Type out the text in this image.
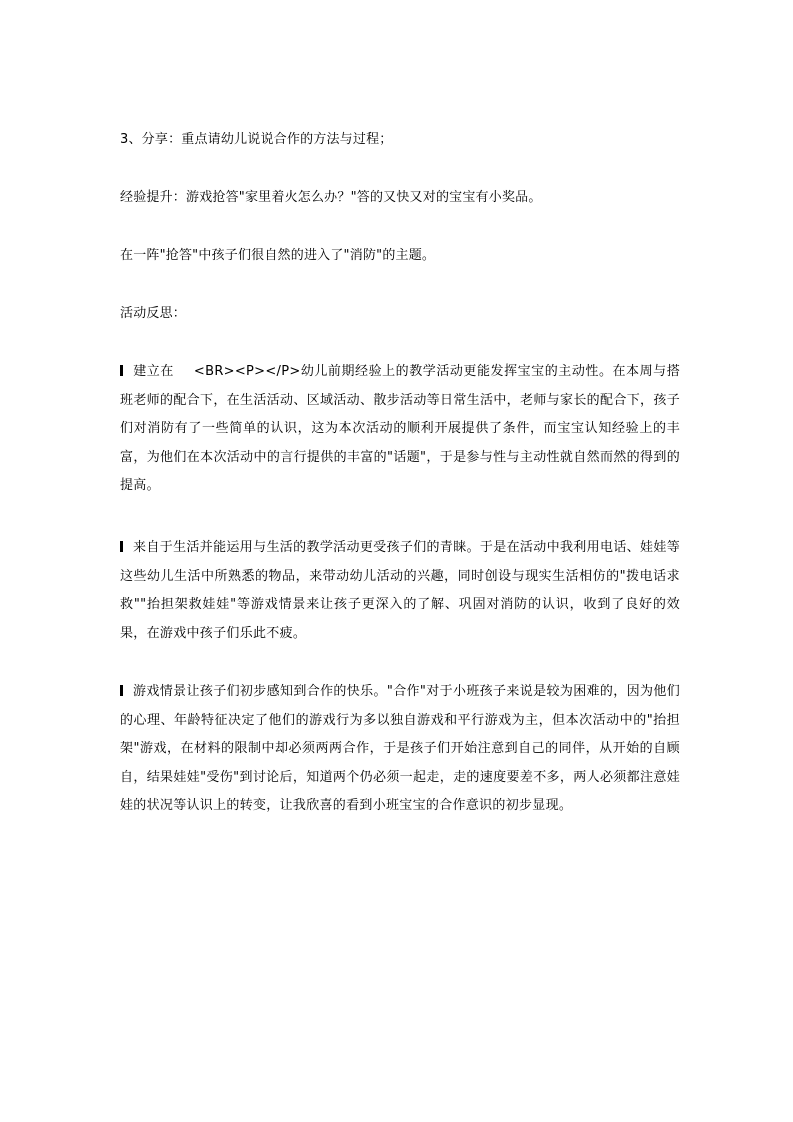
3、分享：重点请幼儿说说合作的方法与过程；
经验提升：游戏抢答"家里着火怎么办？"答的又快又对的宝宝有小奖品。
在一阵"抢答"中孩子们很自然的进入了"消防"的主题。
活动反思：
建立在 <BR><P></P>幼儿前期经验上的教学活动更能发挥宝宝的主动性。在本周与搭班老师的配合下，在生活活动、区域活动、散步活动等日常生活中，老师与家长的配合下，孩子们对消防有了一些简单的认识，这为本次活动的顺利开展提供了条件，而宝宝认知经验上的丰富，为他们在本次活动中的言行提供的丰富的"话题"，于是参与性与主动性就自然而然的得到的提高。
来自于生活并能运用与生活的教学活动更受孩子们的青睐。于是在活动中我利用电话、娃娃等这些幼儿生活中所熟悉的物品，来带动幼儿活动的兴趣，同时创设与现实生活相仿的"拨电话求救""抬担架救娃娃"等游戏情景来让孩子更深入的了解、巩固对消防的认识，收到了良好的效果，在游戏中孩子们乐此不疲。
游戏情景让孩子们初步感知到合作的快乐。"合作"对于小班孩子来说是较为困难的，因为他们的心理、年龄特征决定了他们的游戏行为多以独自游戏和平行游戏为主，但本次活动中的"抬担架"游戏，在材料的限制中却必须两两合作，于是孩子们开始注意到自己的同伴，从开始的自顾自，结果娃娃"受伤"到讨论后，知道两个仍必须一起走，走的速度要差不多，两人必须都注意娃娃的状况等认识上的转变，让我欣喜的看到小班宝宝的合作意识的初步显现。
